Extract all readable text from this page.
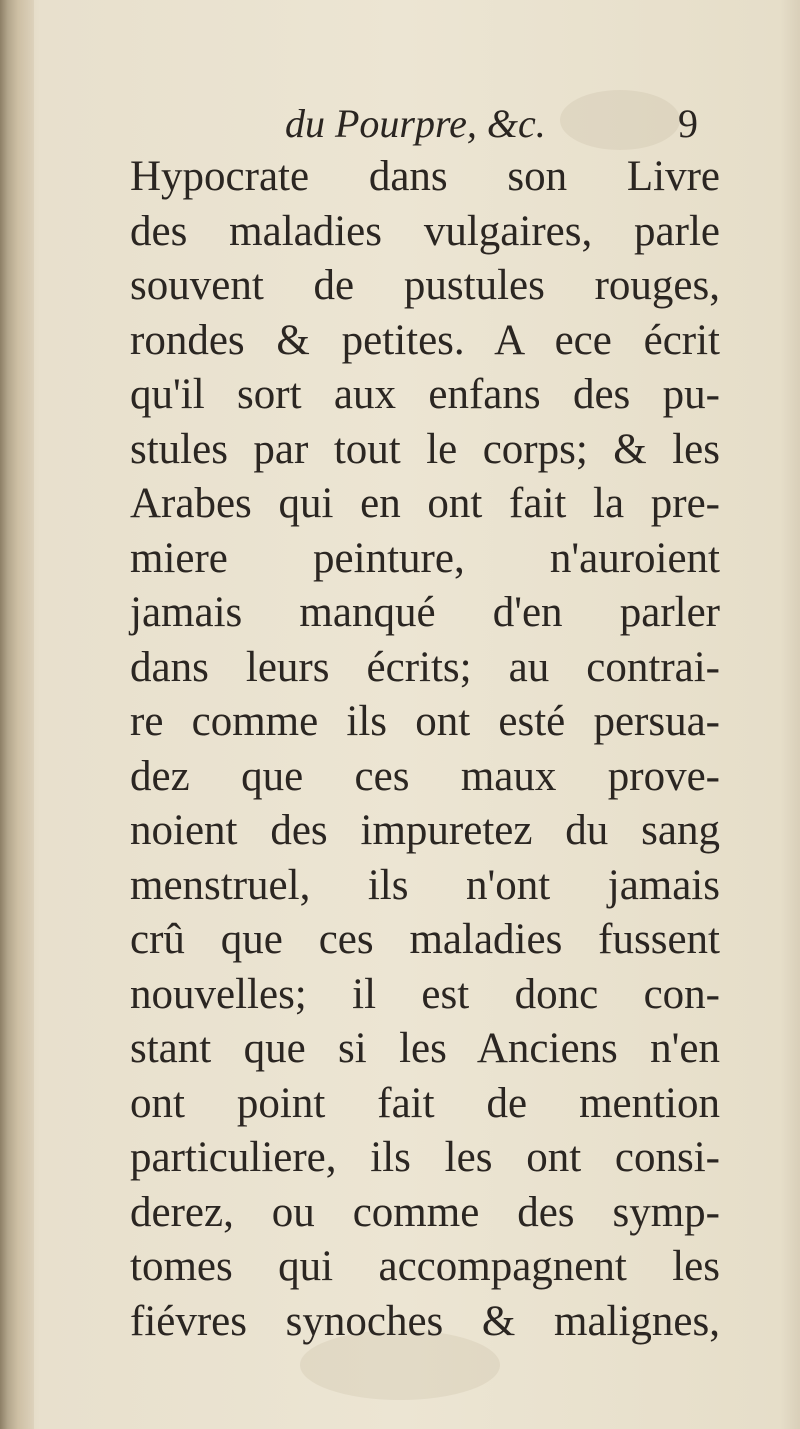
du Pourpre, &c.	9
Hypocrate dans son Livre
des maladies vulgaires, parle
souvent de pustules rouges,
rondes & petites. A ece écrit
qu'il sort aux enfans des pu-
stules par tout le corps; & les
Arabes qui en ont fait la pre-
miere peinture, n'auroient
jamais manqué d'en parler
dans leurs écrits; au contrai-
re comme ils ont esté persua-
dez que ces maux prove-
noient des impuretez du sang
menstruel, ils n'ont jamais
crû que ces maladies fussent
nouvelles; il est donc con-
stant que si les Anciens n'en
ont point fait de mention
particuliere, ils les ont consi-
derez, ou comme des symp-
tomes qui accompagnent les
fiévres synoches & malignes,
